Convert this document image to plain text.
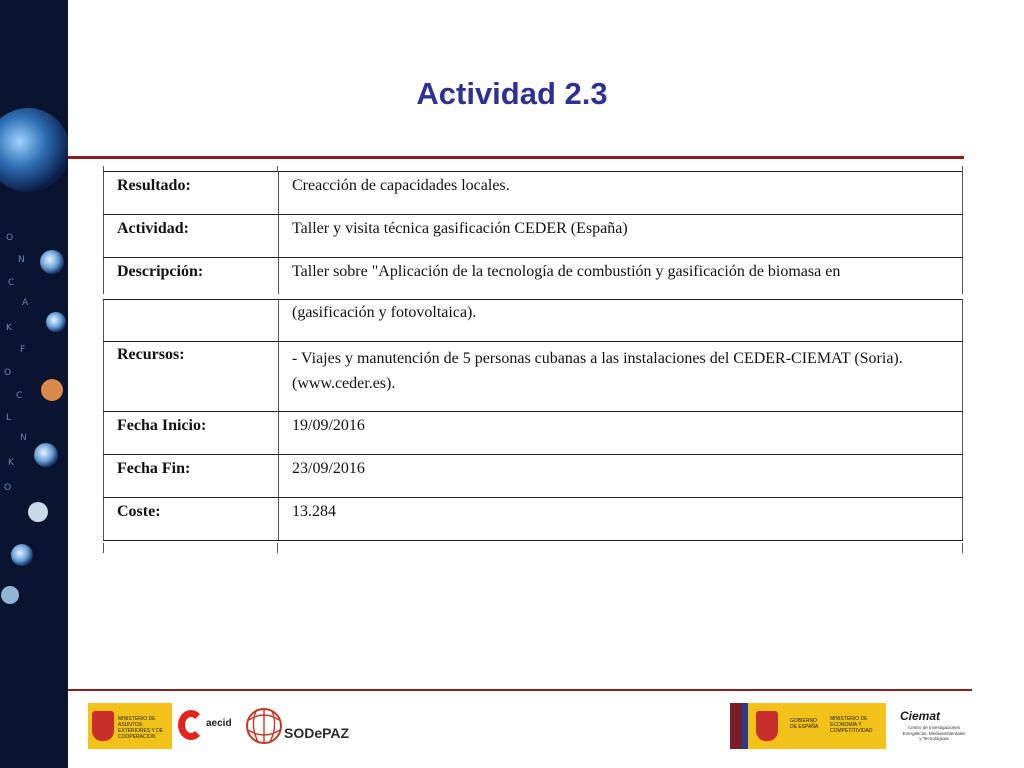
O
N
C
A
K
F
O
C
L
N
K
O
Actividad 2.3
Resultado:	Creacción de capacidades locales.
Actividad:	Taller y visita técnica gasificación CEDER (España)

Descripción:	Taller sobre "Aplicación de la tecnología de combustión y gasificación de biomasa en

	(gasificación y fotovoltaica).
Recursos:	- Viajes y manutención de 5 personas cubanas a las instalaciones del CEDER-CIEMAT (Soria). (www.ceder.es).
Fecha Inicio:	19/09/2016
Fecha Fin:	23/09/2016
Coste:	13.284
MINISTERIO DE ASUNTOS EXTERIORES Y DE COOPERACIÓN
aecid
SODePAZ
GOBIERNO DE ESPAÑA
MINISTERIO DE ECONOMÍA Y COMPETITIVIDAD
Ciemat
Centro de Investigaciones Energéticas, Medioambientales y Tecnológicas
